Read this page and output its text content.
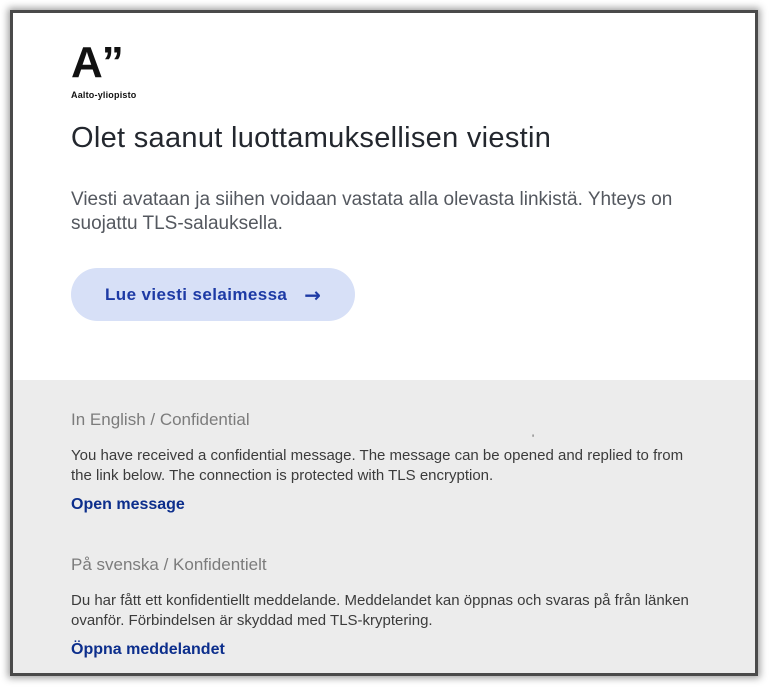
A”
Aalto-yliopisto
Olet saanut luottamuksellisen viestin

Viesti avataan ja siihen voidaan vastata alla olevasta linkistä. Yhteys on suojattu TLS-salauksella.

Lue viesti selaimessa →
In English / Confidential
'

You have received a confidential message. The message can be opened and replied to from the link below. The connection is protected with TLS encryption.

Open message
På svenska / Konfidentielt

Du har fått ett konfidentiellt meddelande. Meddelandet kan öppnas och svaras på från länken ovanför. Förbindelsen är skyddad med TLS-kryptering.

Öppna meddelandet
